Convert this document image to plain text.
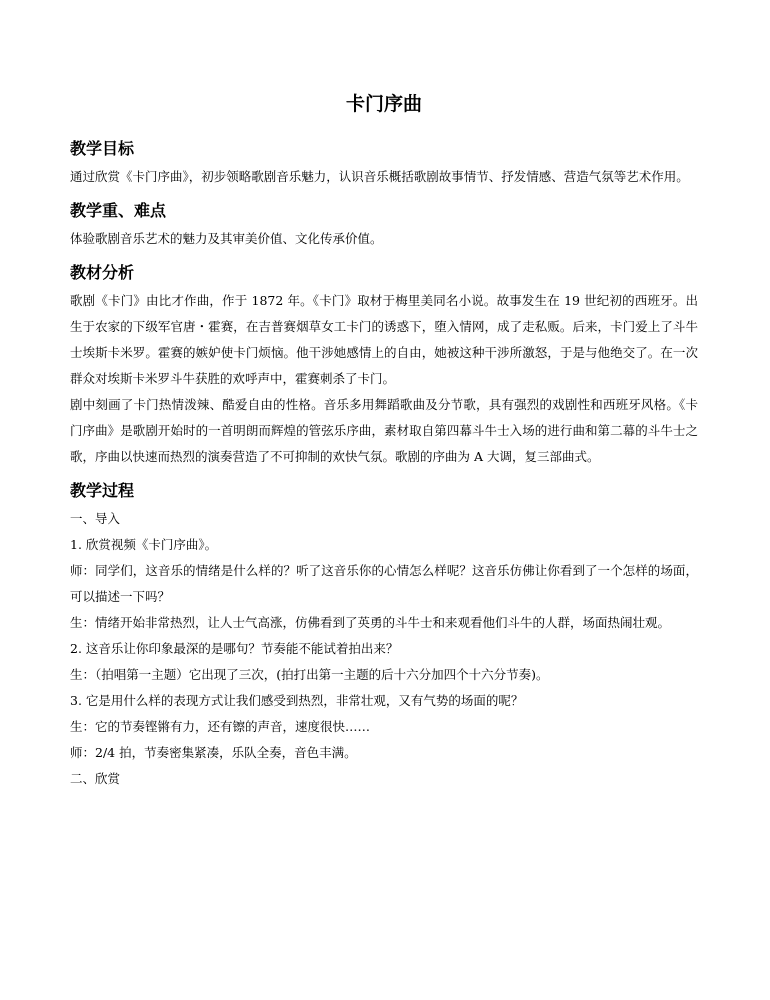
卡门序曲
教学目标

通过欣赏《卡门序曲》，初步领略歌剧音乐魅力，认识音乐概括歌剧故事情节、抒发情感、营造气氛等艺术作用。

教学重、难点

体验歌剧音乐艺术的魅力及其审美价值、文化传承价值。

教材分析

歌剧《卡门》由比才作曲，作于 1872 年。《卡门》取材于梅里美同名小说。故事发生在 19 世纪初的西班牙。出生于农家的下级军官唐・霍赛，在吉普赛烟草女工卡门的诱惑下，堕入情网，成了走私贩。后来，卡门爱上了斗牛士埃斯卡米罗。霍赛的嫉妒使卡门烦恼。他干涉她感情上的自由，她被这种干涉所激怒，于是与他绝交了。在一次群众对埃斯卡米罗斗牛获胜的欢呼声中，霍赛刺杀了卡门。

剧中刻画了卡门热情泼辣、酷爱自由的性格。音乐多用舞蹈歌曲及分节歌，具有强烈的戏剧性和西班牙风格。《卡门序曲》是歌剧开始时的一首明朗而辉煌的管弦乐序曲，素材取自第四幕斗牛士入场的进行曲和第二幕的斗牛士之歌，序曲以快速而热烈的演奏营造了不可抑制的欢快气氛。歌剧的序曲为 A 大调，复三部曲式。

教学过程

一、导入

1. 欣赏视频《卡门序曲》。

师：同学们，这音乐的情绪是什么样的？听了这音乐你的心情怎么样呢？这音乐仿佛让你看到了一个怎样的场面，可以描述一下吗？

生：情绪开始非常热烈，让人士气高涨，仿佛看到了英勇的斗牛士和来观看他们斗牛的人群，场面热闹壮观。

2. 这音乐让你印象最深的是哪句？节奏能不能试着拍出来？

生：（拍唱第一主题）它出现了三次，(拍打出第一主题的后十六分加四个十六分节奏)。

3. 它是用什么样的表现方式让我们感受到热烈，非常壮观，又有气势的场面的呢？

生：它的节奏铿锵有力，还有镲的声音，速度很快……

师：2/4 拍，节奏密集紧凑，乐队全奏，音色丰满。

二、欣赏
